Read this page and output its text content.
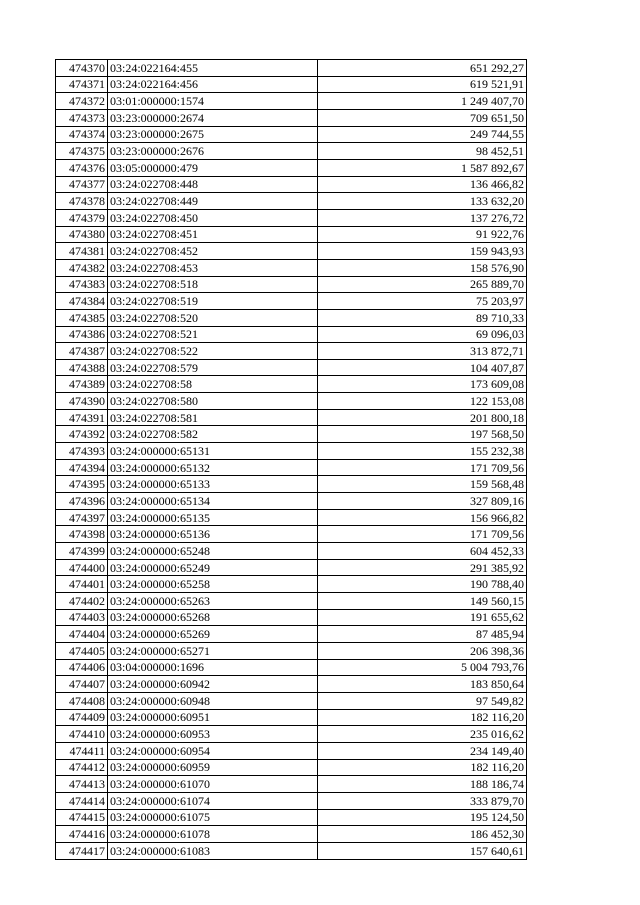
474370	03:24:022164:455	651 292,27
474371	03:24:022164:456	619 521,91
474372	03:01:000000:1574	1 249 407,70
474373	03:23:000000:2674	709 651,50
474374	03:23:000000:2675	249 744,55
474375	03:23:000000:2676	98 452,51
474376	03:05:000000:479	1 587 892,67
474377	03:24:022708:448	136 466,82
474378	03:24:022708:449	133 632,20
474379	03:24:022708:450	137 276,72
474380	03:24:022708:451	91 922,76
474381	03:24:022708:452	159 943,93
474382	03:24:022708:453	158 576,90
474383	03:24:022708:518	265 889,70
474384	03:24:022708:519	75 203,97
474385	03:24:022708:520	89 710,33
474386	03:24:022708:521	69 096,03
474387	03:24:022708:522	313 872,71
474388	03:24:022708:579	104 407,87
474389	03:24:022708:58	173 609,08
474390	03:24:022708:580	122 153,08
474391	03:24:022708:581	201 800,18
474392	03:24:022708:582	197 568,50
474393	03:24:000000:65131	155 232,38
474394	03:24:000000:65132	171 709,56
474395	03:24:000000:65133	159 568,48
474396	03:24:000000:65134	327 809,16
474397	03:24:000000:65135	156 966,82
474398	03:24:000000:65136	171 709,56
474399	03:24:000000:65248	604 452,33
474400	03:24:000000:65249	291 385,92
474401	03:24:000000:65258	190 788,40
474402	03:24:000000:65263	149 560,15
474403	03:24:000000:65268	191 655,62
474404	03:24:000000:65269	87 485,94
474405	03:24:000000:65271	206 398,36
474406	03:04:000000:1696	5 004 793,76
474407	03:24:000000:60942	183 850,64
474408	03:24:000000:60948	97 549,82
474409	03:24:000000:60951	182 116,20
474410	03:24:000000:60953	235 016,62
474411	03:24:000000:60954	234 149,40
474412	03:24:000000:60959	182 116,20
474413	03:24:000000:61070	188 186,74
474414	03:24:000000:61074	333 879,70
474415	03:24:000000:61075	195 124,50
474416	03:24:000000:61078	186 452,30
474417	03:24:000000:61083	157 640,61
